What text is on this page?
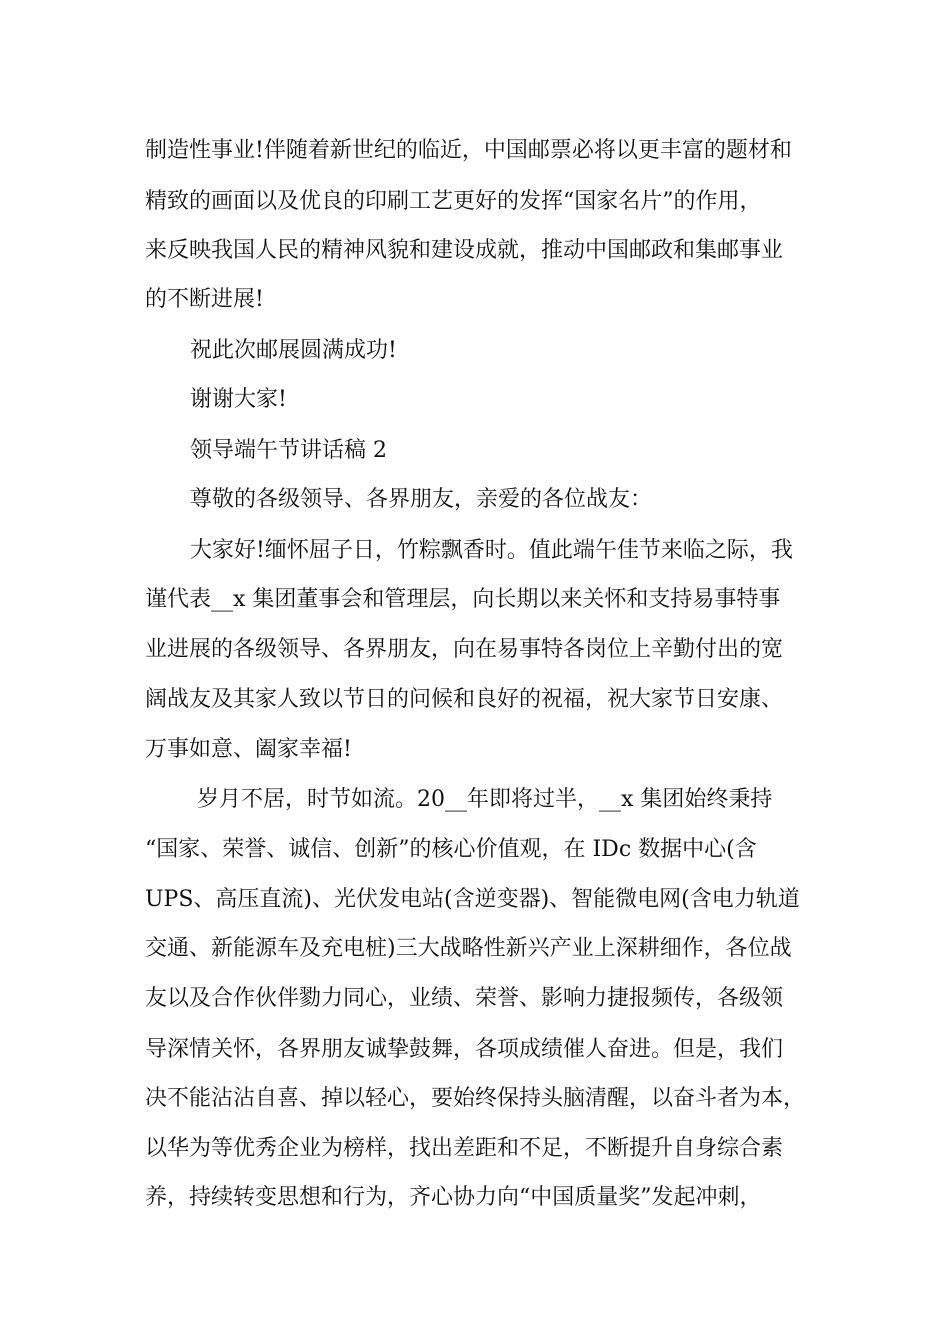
制造性事业!伴随着新世纪的临近，中国邮票必将以更丰富的题材和
精致的画面以及优良的印刷工艺更好的发挥“国家名片”的作用，
来反映我国人民的精神风貌和建设成就，推动中国邮政和集邮事业
的不断进展!
祝此次邮展圆满成功!
谢谢大家!
领导端午节讲话稿 2
尊敬的各级领导、各界朋友，亲爱的各位战友：
大家好!缅怀屈子日，竹粽飘香时。值此端午佳节来临之际，我
谨代表__x 集团董事会和管理层，向长期以来关怀和支持易事特事
业进展的各级领导、各界朋友，向在易事特各岗位上辛勤付出的宽
阔战友及其家人致以节日的问候和良好的祝福，祝大家节日安康、
万事如意、阖家幸福!
岁月不居，时节如流。20__年即将过半，__x 集团始终秉持
“国家、荣誉、诚信、创新”的核心价值观，在 IDc 数据中心(含
UPS、高压直流)、光伏发电站(含逆变器)、智能微电网(含电力轨道
交通、新能源车及充电桩)三大战略性新兴产业上深耕细作，各位战
友以及合作伙伴勠力同心，业绩、荣誉、影响力捷报频传，各级领
导深情关怀，各界朋友诚挚鼓舞，各项成绩催人奋进。但是，我们
决不能沾沾自喜、掉以轻心，要始终保持头脑清醒，以奋斗者为本，
以华为等优秀企业为榜样，找出差距和不足，不断提升自身综合素
养，持续转变思想和行为，齐心协力向“中国质量奖”发起冲刺，
